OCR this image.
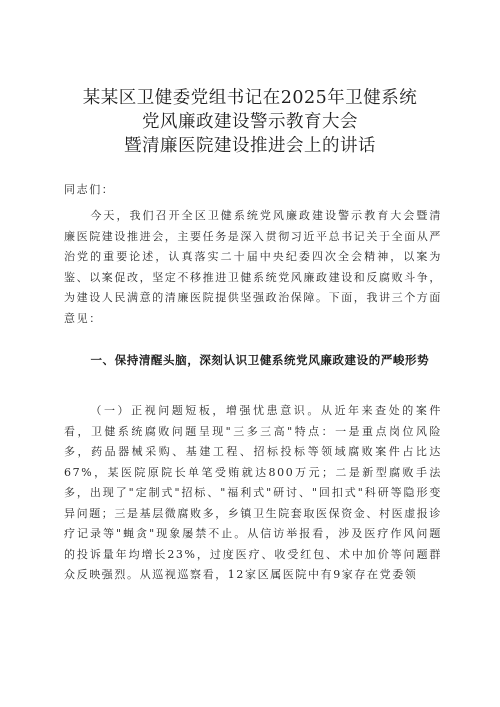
某某区卫健委党组书记在2025年卫健系统
党风廉政建设警示教育大会
暨清廉医院建设推进会上的讲话

同志们：

今天，我们召开全区卫健系统党风廉政建设警示教育大会暨清廉医院建设推进会，主要任务是深入贯彻习近平总书记关于全面从严治党的重要论述，认真落实二十届中央纪委四次全会精神，以案为鉴、以案促改，坚定不移推进卫健系统党风廉政建设和反腐败斗争，为建设人民满意的清廉医院提供坚强政治保障。下面，我讲三个方面意见：

一、保持清醒头脑，深刻认识卫健系统党风廉政建设的严峻形势

（一）正视问题短板，增强忧患意识。从近年来查处的案件看，卫健系统腐败问题呈现"三多三高"特点：一是重点岗位风险多，药品器械采购、基建工程、招标投标等领域腐败案件占比达67%，某医院原院长单笔受贿就达800万元；二是新型腐败手法多，出现了"定制式"招标、"福利式"研讨、"回扣式"科研等隐形变异问题；三是基层微腐败多，乡镇卫生院套取医保资金、村医虚报诊疗记录等"蝇贪"现象屡禁不止。从信访举报看，涉及医疗作风问题的投诉量年均增长23%，过度医疗、收受红包、术中加价等问题群众反映强烈。从巡视巡察看，12家区属医院中有9家存在党委领
